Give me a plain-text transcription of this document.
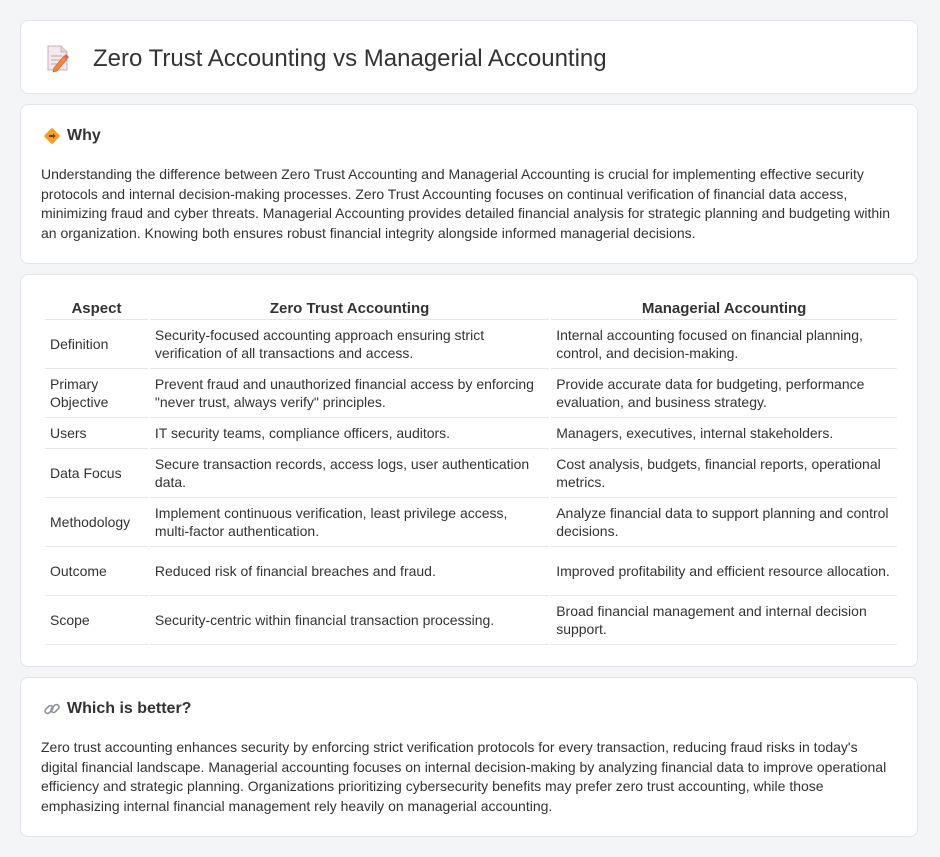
Zero Trust Accounting vs Managerial Accounting
Why

Understanding the difference between Zero Trust Accounting and Managerial Accounting is crucial for implementing effective security protocols and internal decision-making processes. Zero Trust Accounting focuses on continual verification of financial data access, minimizing fraud and cyber threats. Managerial Accounting provides detailed financial analysis for strategic planning and budgeting within an organization. Knowing both ensures robust financial integrity alongside informed managerial decisions.

Aspect	Zero Trust Accounting	Managerial Accounting
Definition	Security-focused accounting approach ensuring strict verification of all transactions and access.	Internal accounting focused on financial planning, control, and decision-making.
Primary Objective	Prevent fraud and unauthorized financial access by enforcing "never trust, always verify" principles.	Provide accurate data for budgeting, performance evaluation, and business strategy.
Users	IT security teams, compliance officers, auditors.	Managers, executives, internal stakeholders.
Data Focus	Secure transaction records, access logs, user authentication data.	Cost analysis, budgets, financial reports, operational metrics.
Methodology	Implement continuous verification, least privilege access, multi-factor authentication.	Analyze financial data to support planning and control decisions.
Outcome	Reduced risk of financial breaches and fraud.	Improved profitability and efficient resource allocation.
Scope	Security-centric within financial transaction processing.	Broad financial management and internal decision support.
Which is better?

Zero trust accounting enhances security by enforcing strict verification protocols for every transaction, reducing fraud risks in today's digital financial landscape. Managerial accounting focuses on internal decision-making by analyzing financial data to improve operational efficiency and strategic planning. Organizations prioritizing cybersecurity benefits may prefer zero trust accounting, while those emphasizing internal financial management rely heavily on managerial accounting.
